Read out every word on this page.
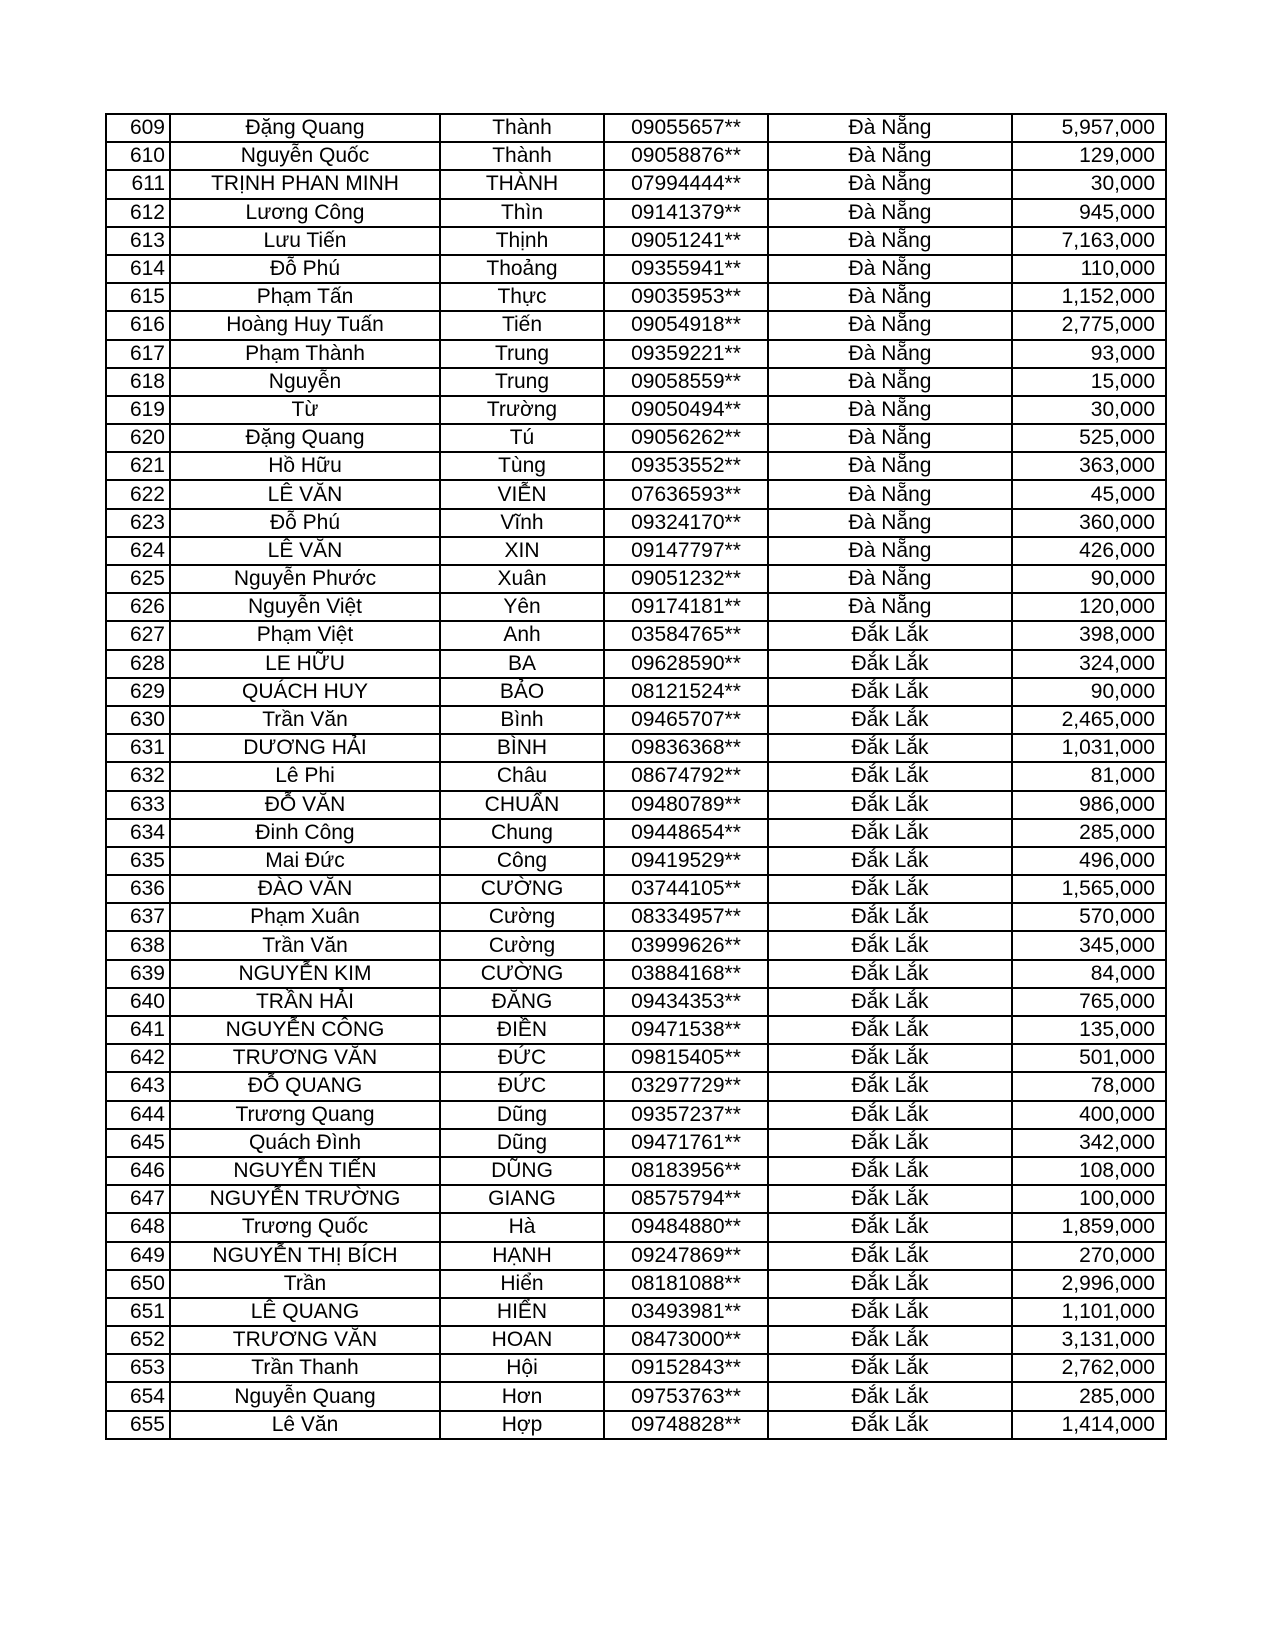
609	Đặng Quang	Thành	09055657**	Đà Nẵng	5,957,000
610	Nguyễn Quốc	Thành	09058876**	Đà Nẵng	129,000
611	TRỊNH PHAN MINH	THÀNH	07994444**	Đà Nẵng	30,000
612	Lương Công	Thìn	09141379**	Đà Nẵng	945,000
613	Lưu Tiến	Thịnh	09051241**	Đà Nẵng	7,163,000
614	Đỗ Phú	Thoảng	09355941**	Đà Nẵng	110,000
615	Phạm Tấn	Thực	09035953**	Đà Nẵng	1,152,000
616	Hoàng Huy Tuấn	Tiến	09054918**	Đà Nẵng	2,775,000
617	Phạm Thành	Trung	09359221**	Đà Nẵng	93,000
618	Nguyễn	Trung	09058559**	Đà Nẵng	15,000
619	Từ	Trường	09050494**	Đà Nẵng	30,000
620	Đặng Quang	Tú	09056262**	Đà Nẵng	525,000
621	Hồ Hữu	Tùng	09353552**	Đà Nẵng	363,000
622	LÊ VĂN	VIỄN	07636593**	Đà Nẵng	45,000
623	Đỗ Phú	Vĩnh	09324170**	Đà Nẵng	360,000
624	LÊ VĂN	XIN	09147797**	Đà Nẵng	426,000
625	Nguyễn Phước	Xuân	09051232**	Đà Nẵng	90,000
626	Nguyễn Việt	Yên	09174181**	Đà Nẵng	120,000
627	Phạm Việt	Anh	03584765**	Đắk Lắk	398,000
628	LE HỮU	BA	09628590**	Đắk Lắk	324,000
629	QUÁCH HUY	BẢO	08121524**	Đắk Lắk	90,000
630	Trần Văn	Bình	09465707**	Đắk Lắk	2,465,000
631	DƯƠNG HẢI	BÌNH	09836368**	Đắk Lắk	1,031,000
632	Lê Phi	Châu	08674792**	Đắk Lắk	81,000
633	ĐỖ VĂN	CHUẨN	09480789**	Đắk Lắk	986,000
634	Đinh Công	Chung	09448654**	Đắk Lắk	285,000
635	Mai Đức	Công	09419529**	Đắk Lắk	496,000
636	ĐÀO VĂN	CƯỜNG	03744105**	Đắk Lắk	1,565,000
637	Phạm Xuân	Cường	08334957**	Đắk Lắk	570,000
638	Trần Văn	Cường	03999626**	Đắk Lắk	345,000
639	NGUYỄN KIM	CƯỜNG	03884168**	Đắk Lắk	84,000
640	TRẦN HẢI	ĐĂNG	09434353**	Đắk Lắk	765,000
641	NGUYỄN CÔNG	ĐIỀN	09471538**	Đắk Lắk	135,000
642	TRƯƠNG VĂN	ĐỨC	09815405**	Đắk Lắk	501,000
643	ĐỖ QUANG	ĐỨC	03297729**	Đắk Lắk	78,000
644	Trương Quang	Dũng	09357237**	Đắk Lắk	400,000
645	Quách Đình	Dũng	09471761**	Đắk Lắk	342,000
646	NGUYỄN TIẾN	DŨNG	08183956**	Đắk Lắk	108,000
647	NGUYỄN TRƯỜNG	GIANG	08575794**	Đắk Lắk	100,000
648	Trương Quốc	Hà	09484880**	Đắk Lắk	1,859,000
649	NGUYỄN THỊ BÍCH	HẠNH	09247869**	Đắk Lắk	270,000
650	Trần	Hiển	08181088**	Đắk Lắk	2,996,000
651	LÊ QUANG	HIỂN	03493981**	Đắk Lắk	1,101,000
652	TRƯƠNG VĂN	HOAN	08473000**	Đắk Lắk	3,131,000
653	Trần Thanh	Hội	09152843**	Đắk Lắk	2,762,000
654	Nguyễn Quang	Hơn	09753763**	Đắk Lắk	285,000
655	Lê Văn	Hợp	09748828**	Đắk Lắk	1,414,000
